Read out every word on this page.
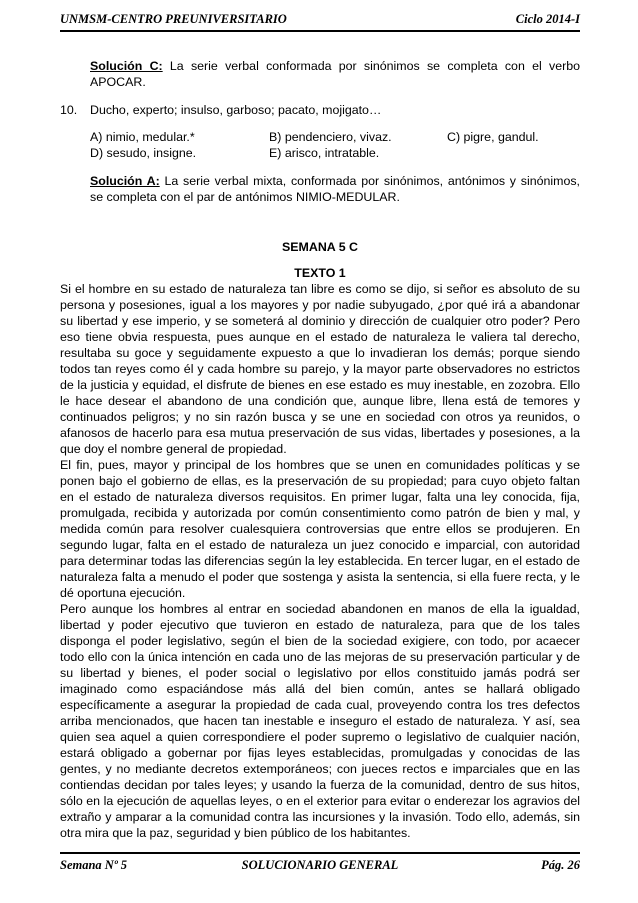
UNMSM-CENTRO PREUNIVERSITARIO	Ciclo 2014-I
Solución C: La serie verbal conformada por sinónimos se completa con el verbo APOCAR.
10.	Ducho, experto; insulso, garboso; pacato, mojigato…
A) nimio, medular.*	B) pendenciero, vivaz.	C) pigre, gandul.
D) sesudo, insigne.	E) arisco, intratable.
Solución A: La serie verbal mixta, conformada por sinónimos, antónimos y sinónimos, se completa con el par de antónimos NIMIO-MEDULAR.
SEMANA 5 C
TEXTO 1

Si el hombre en su estado de naturaleza tan libre es como se dijo, si señor es absoluto de su persona y posesiones, igual a los mayores y por nadie subyugado, ¿por qué irá a abandonar su libertad y ese imperio, y se someterá al dominio y dirección de cualquier otro poder? Pero eso tiene obvia respuesta, pues aunque en el estado de naturaleza le valiera tal derecho, resultaba su goce y seguidamente expuesto a que lo invadieran los demás; porque siendo todos tan reyes como él y cada hombre su parejo, y la mayor parte observadores no estrictos de la justicia y equidad, el disfrute de bienes en ese estado es muy inestable, en zozobra. Ello le hace desear el abandono de una condición que, aunque libre, llena está de temores y continuados peligros; y no sin razón busca y se une en sociedad con otros ya reunidos, o afanosos de hacerlo para esa mutua preservación de sus vidas, libertades y posesiones, a la que doy el nombre general de propiedad.

El fin, pues, mayor y principal de los hombres que se unen en comunidades políticas y se ponen bajo el gobierno de ellas, es la preservación de su propiedad; para cuyo objeto faltan en el estado de naturaleza diversos requisitos. En primer lugar, falta una ley conocida, fija, promulgada, recibida y autorizada por común consentimiento como patrón de bien y mal, y medida común para resolver cualesquiera controversias que entre ellos se produjeren. En segundo lugar, falta en el estado de naturaleza un juez conocido e imparcial, con autoridad para determinar todas las diferencias según la ley establecida. En tercer lugar, en el estado de naturaleza falta a menudo el poder que sostenga y asista la sentencia, si ella fuere recta, y le dé oportuna ejecución.

Pero aunque los hombres al entrar en sociedad abandonen en manos de ella la igualdad, libertad y poder ejecutivo que tuvieron en estado de naturaleza, para que de los tales disponga el poder legislativo, según el bien de la sociedad exigiere, con todo, por acaecer todo ello con la única intención en cada uno de las mejoras de su preservación particular y de su libertad y bienes, el poder social o legislativo por ellos constituido jamás podrá ser imaginado como espaciándose más allá del bien común, antes se hallará obligado específicamente a asegurar la propiedad de cada cual, proveyendo contra los tres defectos arriba mencionados, que hacen tan inestable e inseguro el estado de naturaleza. Y así, sea quien sea aquel a quien correspondiere el poder supremo o legislativo de cualquier nación, estará obligado a gobernar por fijas leyes establecidas, promulgadas y conocidas de las gentes, y no mediante decretos extemporáneos; con jueces rectos e imparciales que en las contiendas decidan por tales leyes; y usando la fuerza de la comunidad, dentro de sus hitos, sólo en la ejecución de aquellas leyes, o en el exterior para evitar o enderezar los agravios del extraño y amparar a la comunidad contra las incursiones y la invasión. Todo ello, además, sin otra mira que la paz, seguridad y bien público de los habitantes.

Semana Nº 5	SOLUCIONARIO GENERAL	Pág. 26
